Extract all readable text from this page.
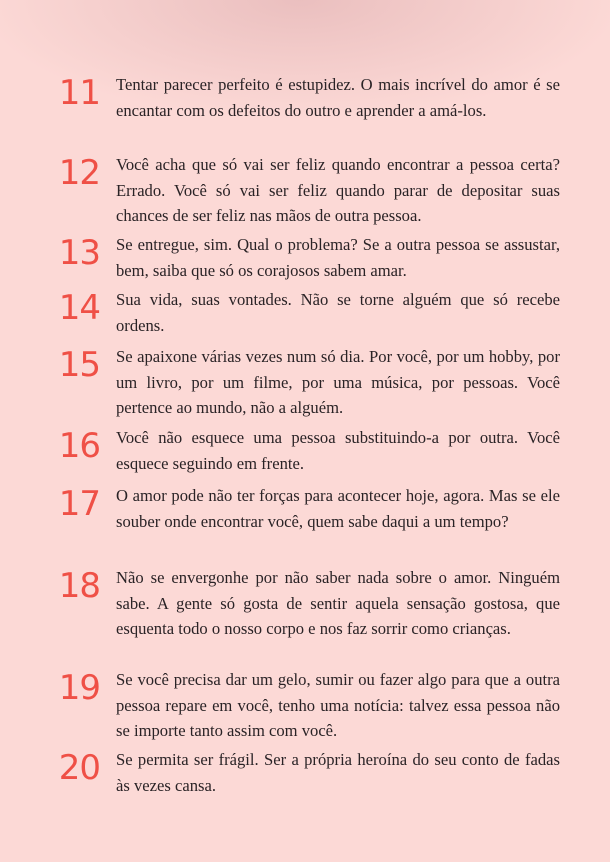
11 Tentar parecer perfeito é estupidez. O mais incrível do amor é se encantar com os defeitos do outro e aprender a amá-los.

12 Você acha que só vai ser feliz quando encontrar a pessoa certa? Errado. Você só vai ser feliz quando parar de depositar suas chances de ser feliz nas mãos de outra pessoa.

13 Se entregue, sim. Qual o problema? Se a outra pessoa se assustar, bem, saiba que só os corajosos sabem amar.

14 Sua vida, suas vontades. Não se torne alguém que só recebe ordens.

15 Se apaixone várias vezes num só dia. Por você, por um hobby, por um livro, por um filme, por uma música, por pessoas. Você pertence ao mundo, não a alguém.

16 Você não esquece uma pessoa substituindo-a por outra. Você esquece seguindo em frente.

17 O amor pode não ter forças para acontecer hoje, agora. Mas se ele souber onde encontrar você, quem sabe daqui a um tempo?

18 Não se envergonhe por não saber nada sobre o amor. Ninguém sabe. A gente só gosta de sentir aquela sensação gostosa, que esquenta todo o nosso corpo e nos faz sorrir como crianças.

19 Se você precisa dar um gelo, sumir ou fazer algo para que a outra pessoa repare em você, tenho uma notícia: talvez essa pessoa não se importe tanto assim com você.

20 Se permita ser frágil. Ser a própria heroína do seu conto de fadas às vezes cansa.
